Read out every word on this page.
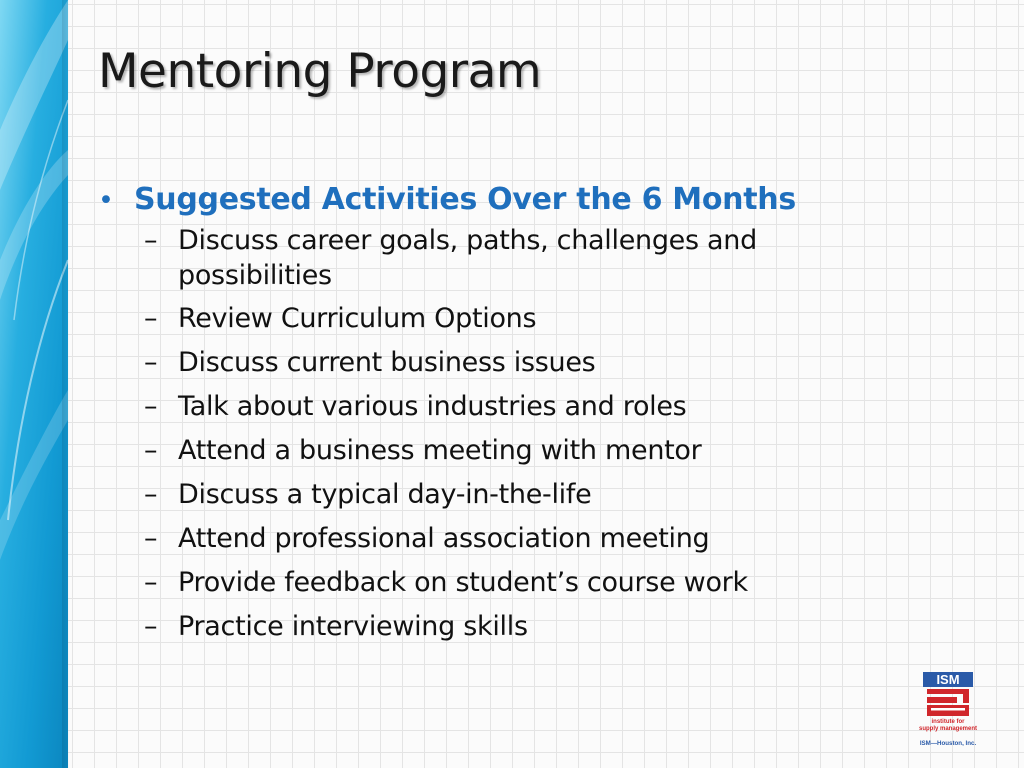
Mentoring Program
• Suggested Activities Over the 6 Months
– Discuss career goals, paths, challenges and
possibilities
– Review Curriculum Options
– Discuss current business issues
– Talk about various industries and roles
– Attend a business meeting with mentor
– Discuss a typical day-in-the-life
– Attend professional association meeting
– Provide feedback on student’s course work
– Practice interviewing skills
ISM
institute for
supply management
ISM—Houston, Inc.
